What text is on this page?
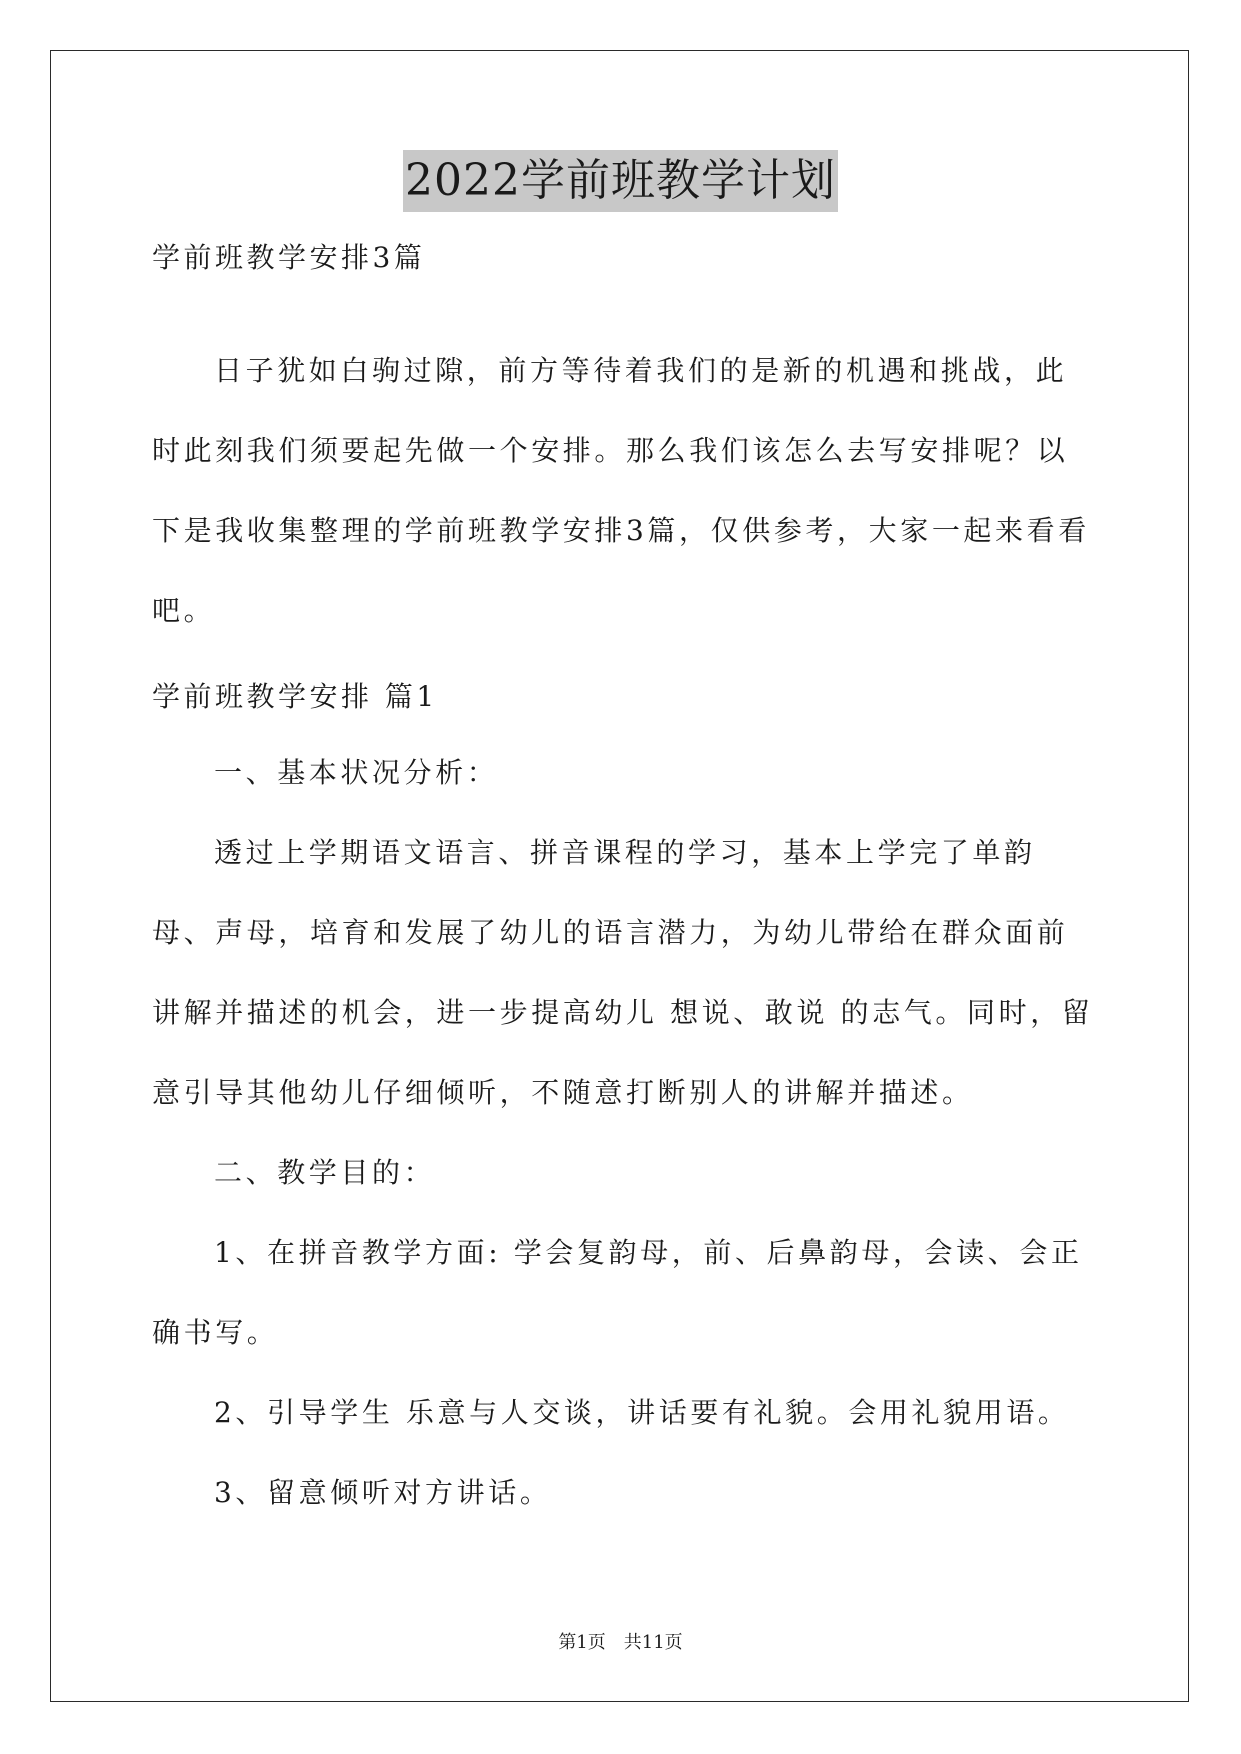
2022学前班教学计划

学前班教学安排3篇

日子犹如白驹过隙，前方等待着我们的是新的机遇和挑战，此时此刻我们须要起先做一个安排。那么我们该怎么去写安排呢？以下是我收集整理的学前班教学安排3篇，仅供参考，大家一起来看看吧。

学前班教学安排 篇1

一、基本状况分析：

透过上学期语文语言、拼音课程的学习，基本上学完了单韵母、声母，培育和发展了幼儿的语言潜力，为幼儿带给在群众面前讲解并描述的机会，进一步提高幼儿 想说、敢说 的志气。同时，留意引导其他幼儿仔细倾听，不随意打断别人的讲解并描述。

二、教学目的：

1、在拼音教学方面: 学会复韵母，前、后鼻韵母，会读、会正确书写。

2、引导学生 乐意与人交谈，讲话要有礼貌。会用礼貌用语。

3、留意倾听对方讲话。

第1页　共11页
